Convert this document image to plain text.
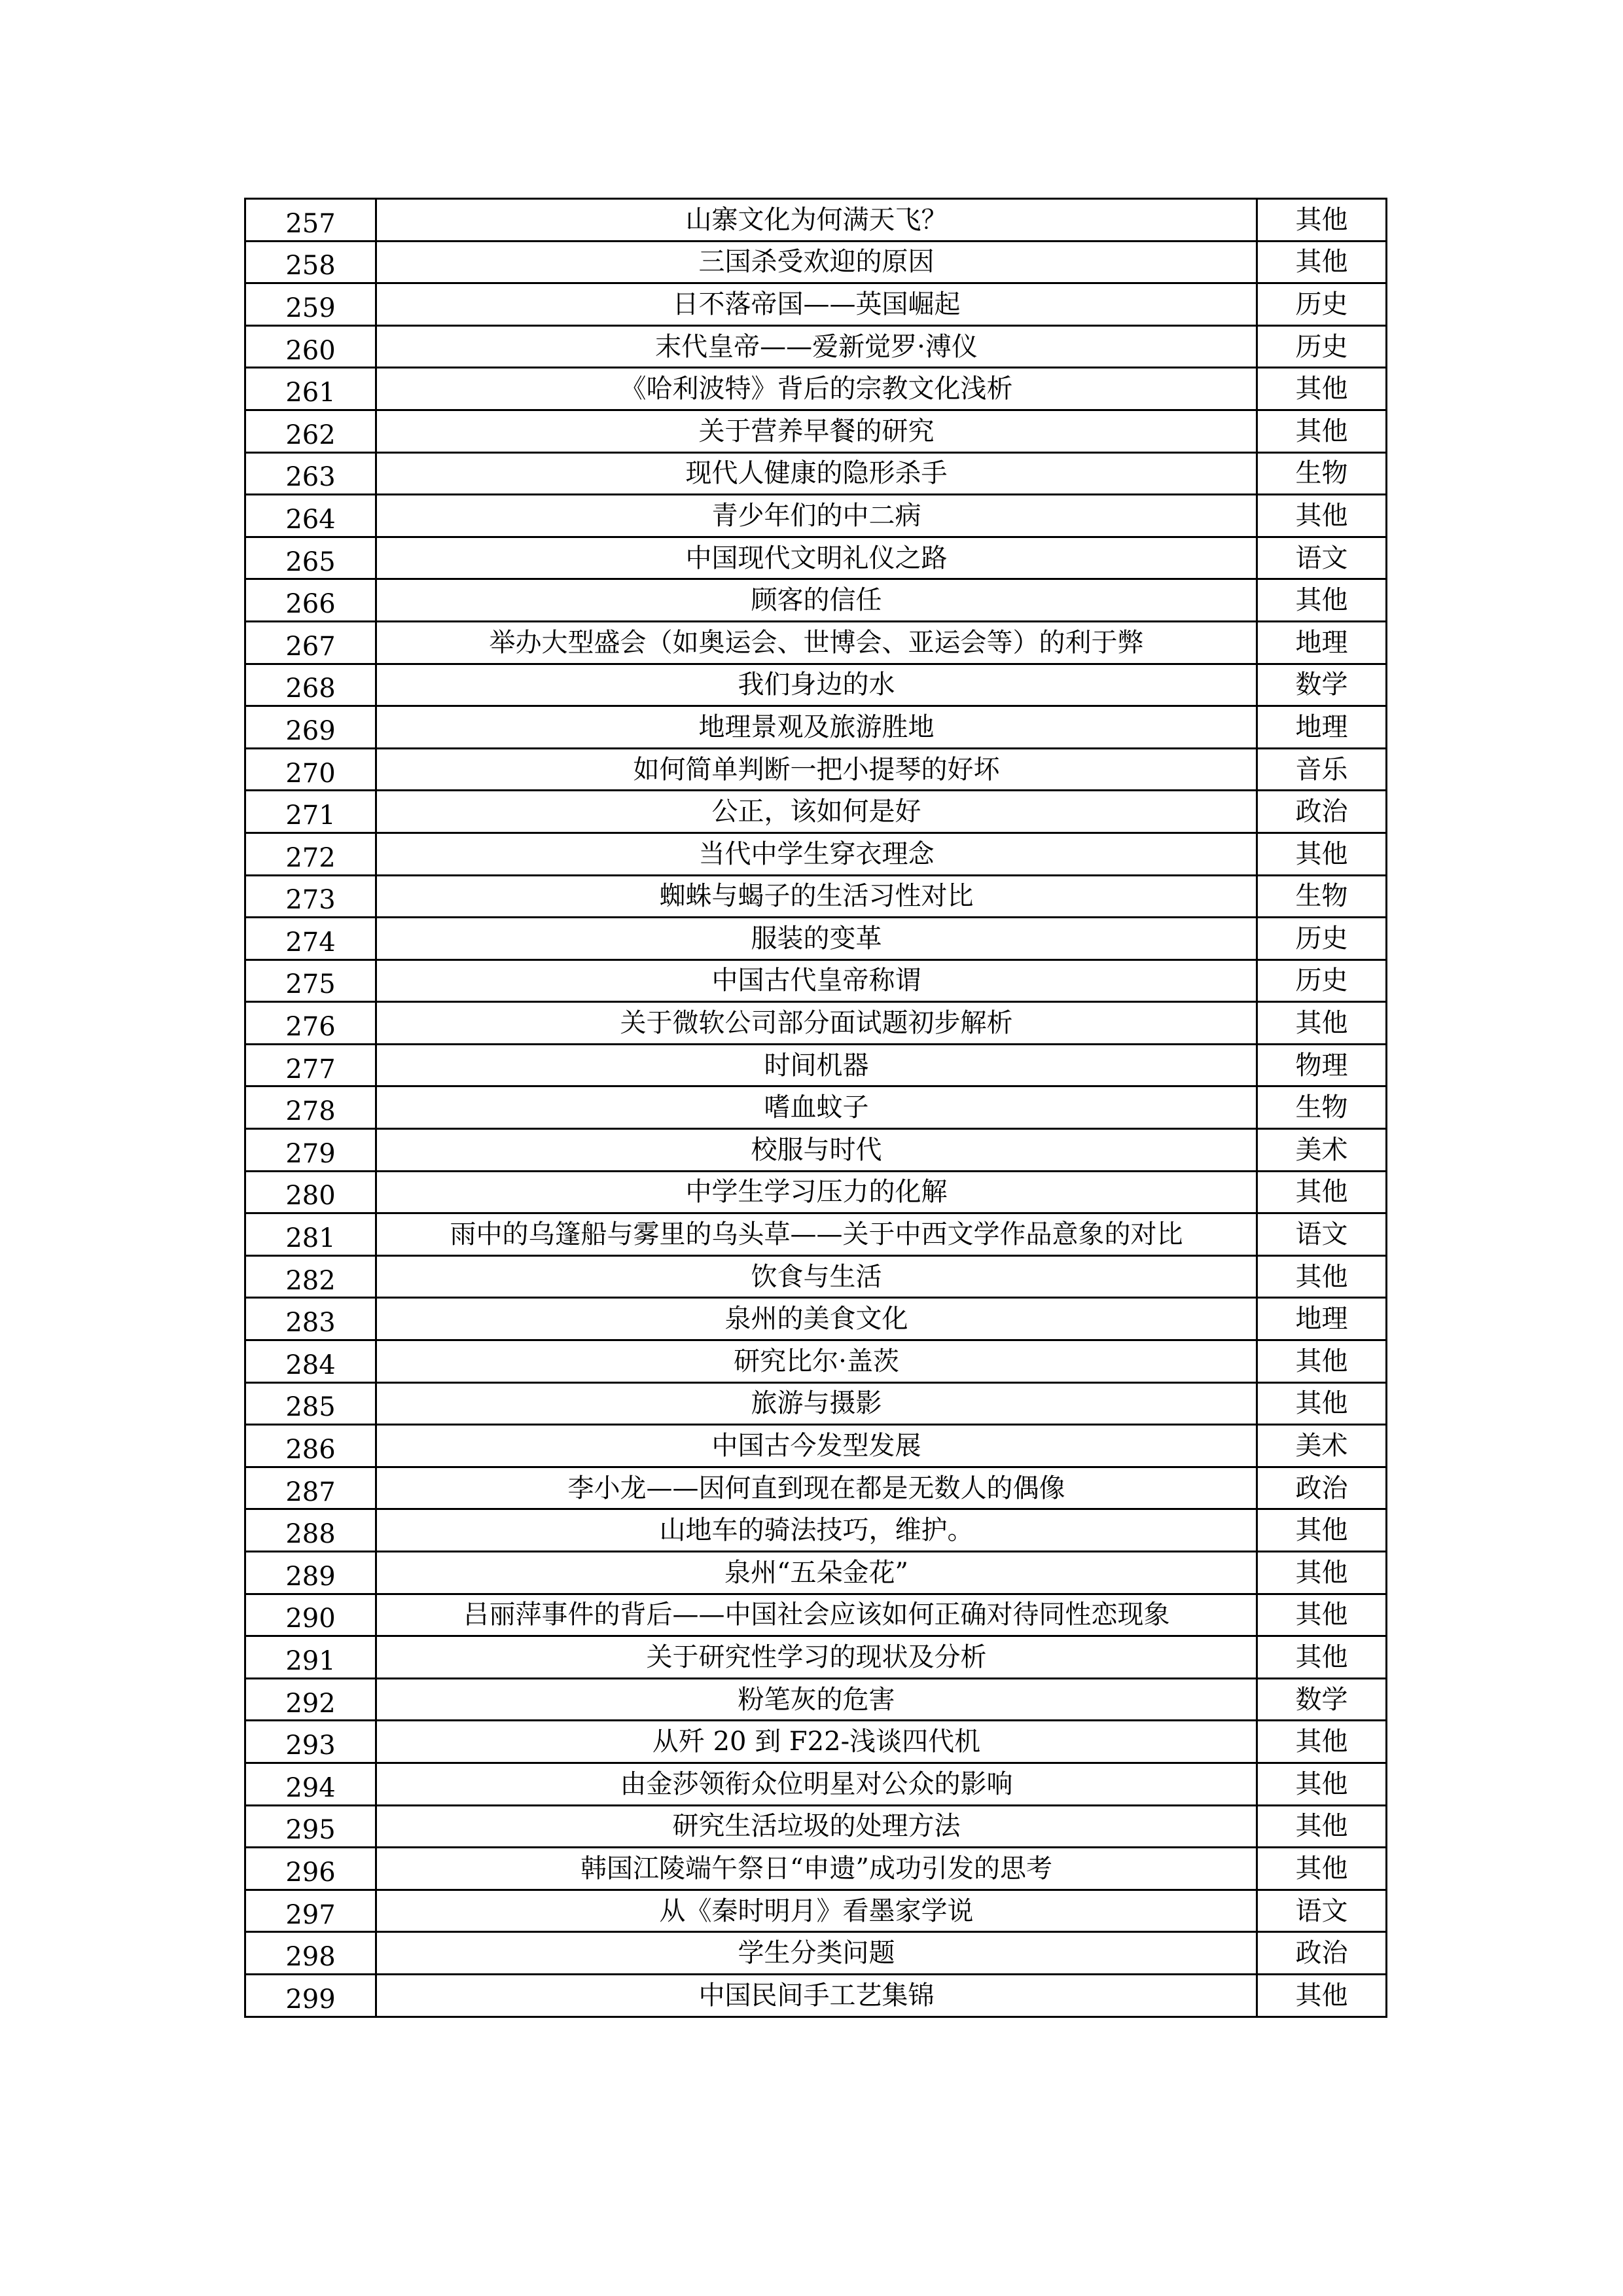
257	山寨文化为何满天飞？	其他
258	三国杀受欢迎的原因	其他
259	日不落帝国——英国崛起	历史
260	末代皇帝——爱新觉罗·溥仪	历史
261	《哈利波特》背后的宗教文化浅析	其他
262	关于营养早餐的研究	其他
263	现代人健康的隐形杀手	生物
264	青少年们的中二病	其他
265	中国现代文明礼仪之路	语文
266	顾客的信任	其他
267	举办大型盛会（如奥运会、世博会、亚运会等）的利于弊	地理
268	我们身边的水	数学
269	地理景观及旅游胜地	地理
270	如何简单判断一把小提琴的好坏	音乐
271	公正，该如何是好	政治
272	当代中学生穿衣理念	其他
273	蜘蛛与蝎子的生活习性对比	生物
274	服装的变革	历史
275	中国古代皇帝称谓	历史
276	关于微软公司部分面试题初步解析	其他
277	时间机器	物理
278	嗜血蚊子	生物
279	校服与时代	美术
280	中学生学习压力的化解	其他
281	雨中的乌篷船与雾里的乌头草——关于中西文学作品意象的对比	语文
282	饮食与生活	其他
283	泉州的美食文化	地理
284	研究比尔·盖茨	其他
285	旅游与摄影	其他
286	中国古今发型发展	美术
287	李小龙——因何直到现在都是无数人的偶像	政治
288	山地车的骑法技巧，维护。	其他
289	泉州“五朵金花”	其他
290	吕丽萍事件的背后——中国社会应该如何正确对待同性恋现象	其他
291	关于研究性学习的现状及分析	其他
292	粉笔灰的危害	数学
293	从歼 20 到 F22-浅谈四代机	其他
294	由金莎领衔众位明星对公众的影响	其他
295	研究生活垃圾的处理方法	其他
296	韩国江陵端午祭日“申遗”成功引发的思考	其他
297	从《秦时明月》看墨家学说	语文
298	学生分类问题	政治
299	中国民间手工艺集锦	其他
